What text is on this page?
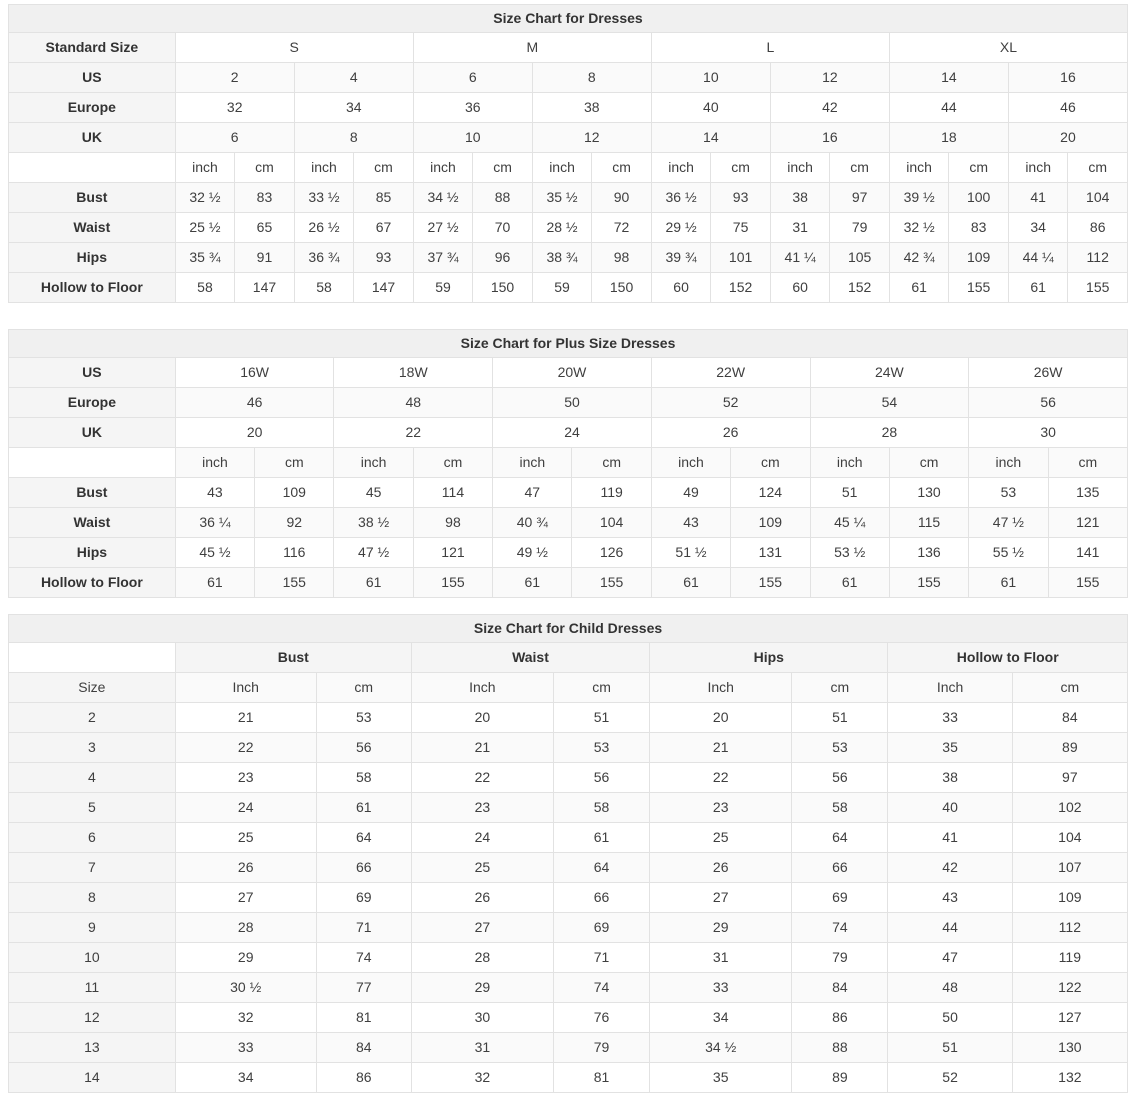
Size Chart for Dresses																
Standard Size	S				M				L				XL			
US	2		4		6		8		10		12		14		16	
Europe	32		34		36		38		40		42		44		46	
UK	6		8		10		12		14		16		18		20	
	inch	cm	inch	cm	inch	cm	inch	cm	inch	cm	inch	cm	inch	cm	inch	cm
Bust	32 ½	83	33 ½	85	34 ½	88	35 ½	90	36 ½	93	38	97	39 ½	100	41	104
Waist	25 ½	65	26 ½	67	27 ½	70	28 ½	72	29 ½	75	31	79	32 ½	83	34	86
Hips	35 ¾	91	36 ¾	93	37 ¾	96	38 ¾	98	39 ¾	101	41 ¼	105	42 ¾	109	44 ¼	112
Hollow to Floor	58	147	58	147	59	150	59	150	60	152	60	152	61	155	61	155
Size Chart for Plus Size Dresses												
US	16W		18W		20W		22W		24W		26W	
Europe	46		48		50		52		54		56	
UK	20		22		24		26		28		30	
	inch	cm	inch	cm	inch	cm	inch	cm	inch	cm	inch	cm
Bust	43	109	45	114	47	119	49	124	51	130	53	135
Waist	36 ¼	92	38 ½	98	40 ¾	104	43	109	45 ¼	115	47 ½	121
Hips	45 ½	116	47 ½	121	49 ½	126	51 ½	131	53 ½	136	55 ½	141
Hollow to Floor	61	155	61	155	61	155	61	155	61	155	61	155
Size Chart for Child Dresses								
	Bust		Waist		Hips		Hollow to Floor	
Size	Inch	cm	Inch	cm	Inch	cm	Inch	cm
2	21	53	20	51	20	51	33	84
3	22	56	21	53	21	53	35	89
4	23	58	22	56	22	56	38	97
5	24	61	23	58	23	58	40	102
6	25	64	24	61	25	64	41	104
7	26	66	25	64	26	66	42	107
8	27	69	26	66	27	69	43	109
9	28	71	27	69	29	74	44	112
10	29	74	28	71	31	79	47	119
11	30 ½	77	29	74	33	84	48	122
12	32	81	30	76	34	86	50	127
13	33	84	31	79	34 ½	88	51	130
14	34	86	32	81	35	89	52	132
